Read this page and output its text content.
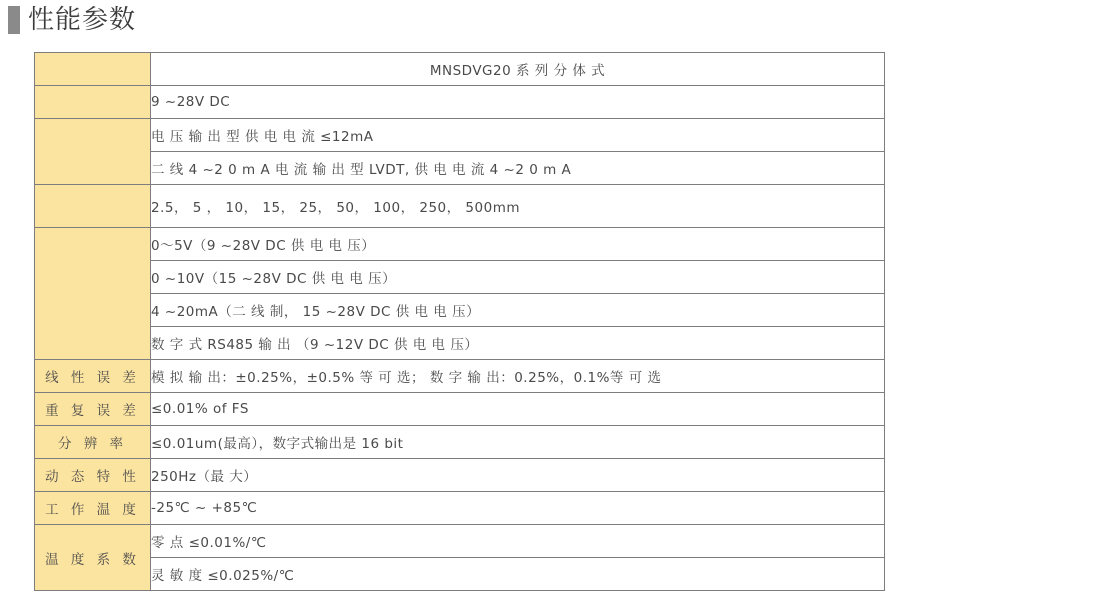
性能参数
	MNSDVG20 系 列 分 体 式
	9 ~28V DC
	电 压 输 出 型 供 电 电 流 ≤12mA
	二 线 4 ~2 0 m A 电 流 输 出 型 LVDT, 供 电 电 流 4 ~2 0 m A
	2.5， 5 ， 10， 15， 25， 50， 100， 250， 500mm
	0～5V（9 ~28V DC 供 电 电 压）
	0 ~10V（15 ~28V DC 供 电 电 压）
	4 ~20mA（二 线 制， 15 ~28V DC 供 电 电 压）
	数 字 式 RS485 输 出 （9 ~12V DC 供 电 电 压）
线 性 误 差	模 拟 输 出：±0.25%，±0.5% 等 可 选； 数 字 输 出：0.25%，0.1%等 可 选
重 复 误 差	≤0.01% of FS
分 辨 率	≤0.01um(最高），数字式输出是 16 bit
动 态 特 性	250Hz（最 大）
工 作 温 度	-25℃ ~ +85℃
温 度 系 数	零 点 ≤0.01%/℃
	灵 敏 度 ≤0.025%/℃
